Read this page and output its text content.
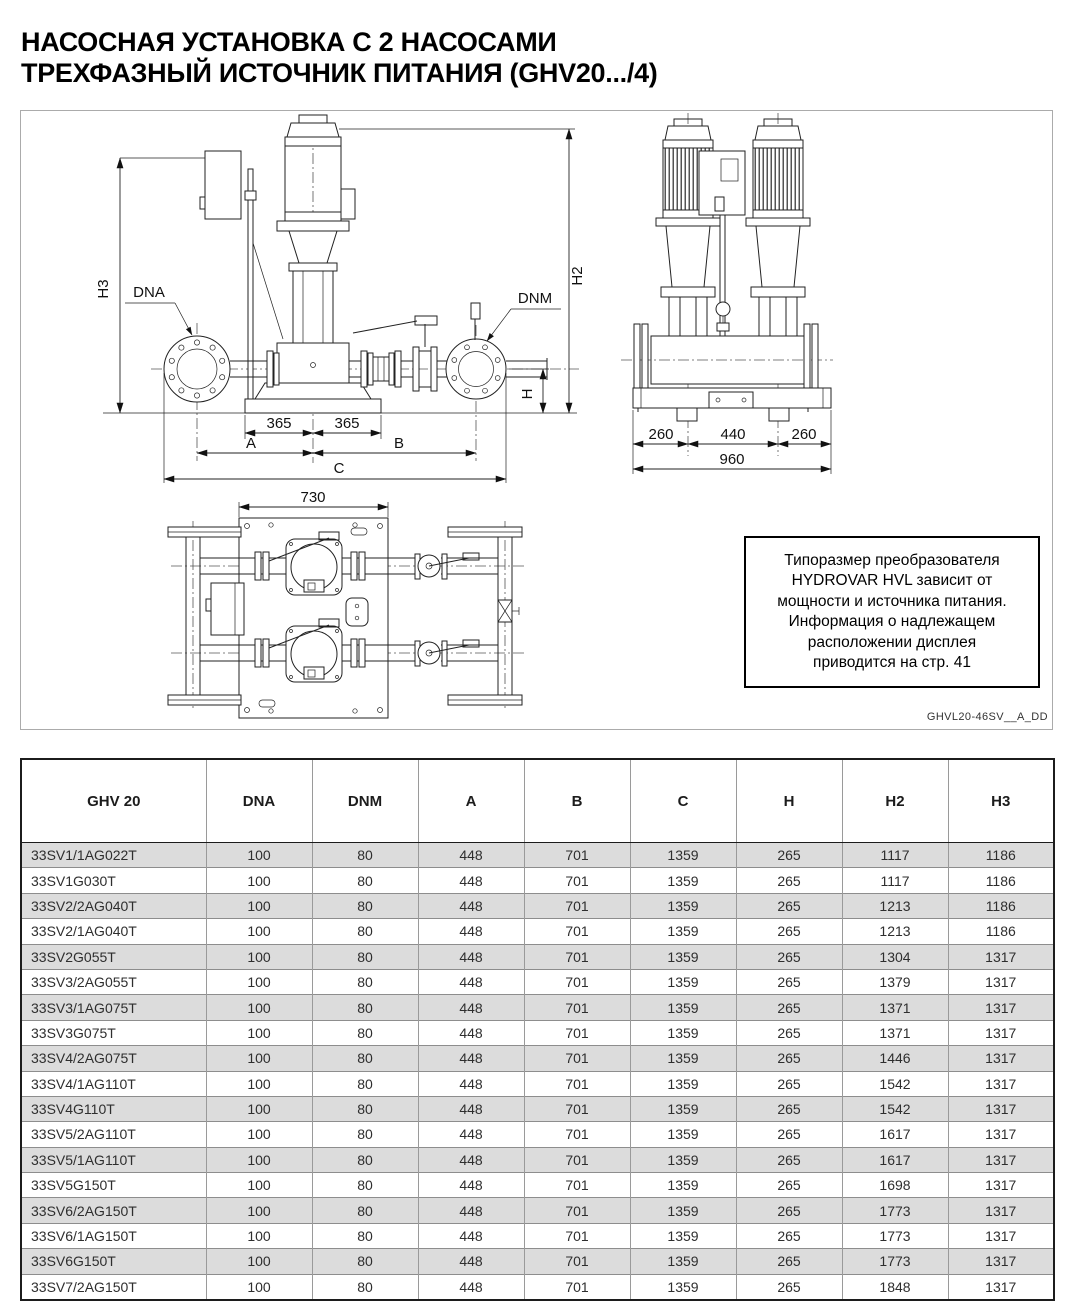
НАСОСНАЯ УСТАНОВКА С 2 НАСОСАМИ
ТРЕХФАЗНЫЙ ИСТОЧНИК ПИТАНИЯ (GHV20.../4)
H3
H2
H
365	365
A	B
C
DNA	DNM
260	440	260
960
730
Типоразмер преобразователя
HYDROVAR HVL зависит от
мощности и источника питания.
Информация о надлежащем
расположении дисплея
приводится на стр. 41
GHVL20-46SV__A_DD
GHV 20	DNA	DNM	A	B	C	H	H2	H3
33SV1/1AG022T	100	80	448	701	1359	265	1117	1186
33SV1G030T	100	80	448	701	1359	265	1117	1186
33SV2/2AG040T	100	80	448	701	1359	265	1213	1186
33SV2/1AG040T	100	80	448	701	1359	265	1213	1186
33SV2G055T	100	80	448	701	1359	265	1304	1317
33SV3/2AG055T	100	80	448	701	1359	265	1379	1317
33SV3/1AG075T	100	80	448	701	1359	265	1371	1317
33SV3G075T	100	80	448	701	1359	265	1371	1317
33SV4/2AG075T	100	80	448	701	1359	265	1446	1317
33SV4/1AG110T	100	80	448	701	1359	265	1542	1317
33SV4G110T	100	80	448	701	1359	265	1542	1317
33SV5/2AG110T	100	80	448	701	1359	265	1617	1317
33SV5/1AG110T	100	80	448	701	1359	265	1617	1317
33SV5G150T	100	80	448	701	1359	265	1698	1317
33SV6/2AG150T	100	80	448	701	1359	265	1773	1317
33SV6/1AG150T	100	80	448	701	1359	265	1773	1317
33SV6G150T	100	80	448	701	1359	265	1773	1317
33SV7/2AG150T	100	80	448	701	1359	265	1848	1317
